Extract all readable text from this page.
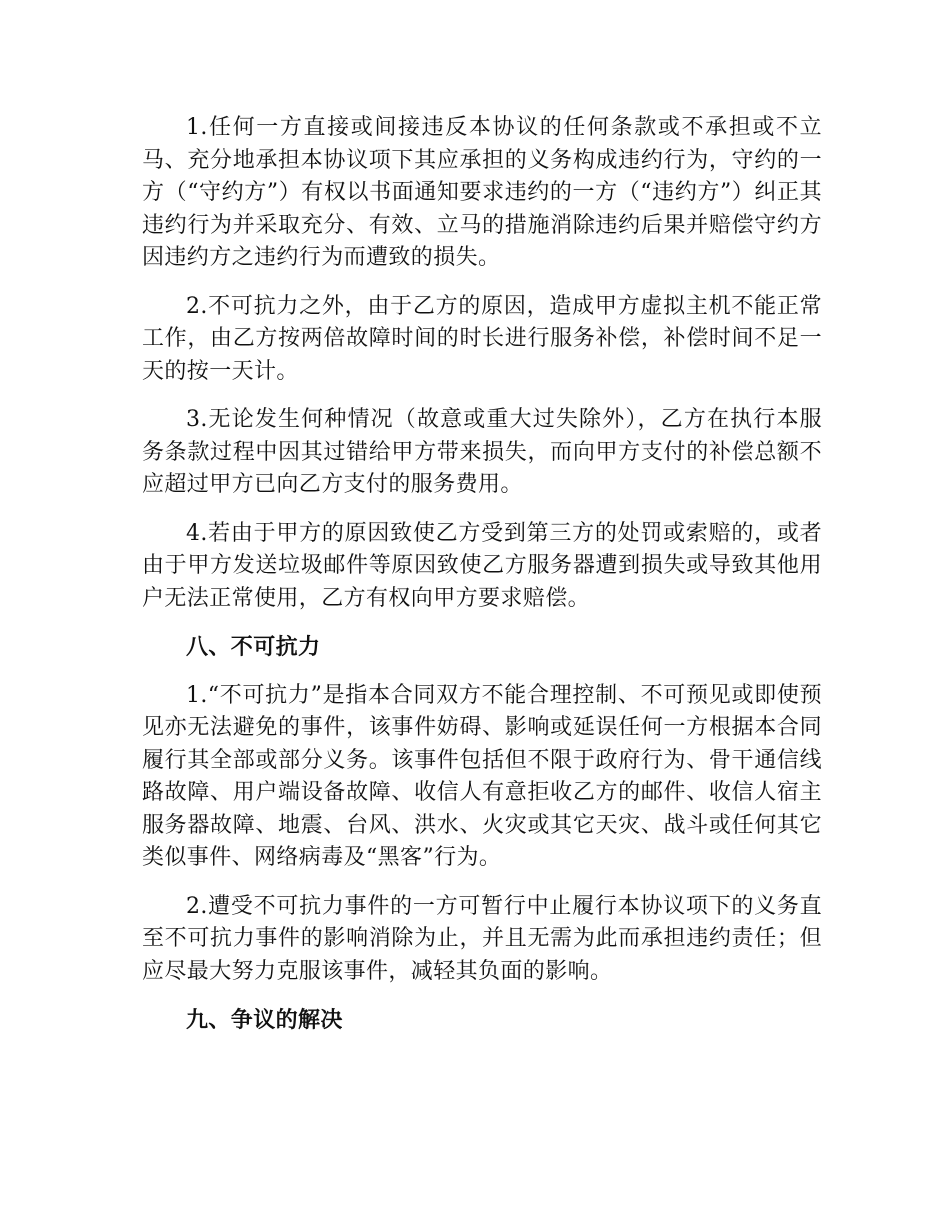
1.任何一方直接或间接违反本协议的任何条款或不承担或不立马、充分地承担本协议项下其应承担的义务构成违约行为，守约的一方（“守约方”）有权以书面通知要求违约的一方（“违约方”）纠正其违约行为并采取充分、有效、立马的措施消除违约后果并赔偿守约方因违约方之违约行为而遭致的损失。

2.不可抗力之外，由于乙方的原因，造成甲方虚拟主机不能正常工作，由乙方按两倍故障时间的时长进行服务补偿，补偿时间不足一天的按一天计。

3.无论发生何种情况（故意或重大过失除外），乙方在执行本服务条款过程中因其过错给甲方带来损失，而向甲方支付的补偿总额不应超过甲方已向乙方支付的服务费用。

4.若由于甲方的原因致使乙方受到第三方的处罚或索赔的，或者由于甲方发送垃圾邮件等原因致使乙方服务器遭到损失或导致其他用户无法正常使用，乙方有权向甲方要求赔偿。

八、不可抗力

1.“不可抗力”是指本合同双方不能合理控制、不可预见或即使预见亦无法避免的事件，该事件妨碍、影响或延误任何一方根据本合同履行其全部或部分义务。该事件包括但不限于政府行为、骨干通信线路故障、用户端设备故障、收信人有意拒收乙方的邮件、收信人宿主服务器故障、地震、台风、洪水、火灾或其它天灾、战斗或任何其它类似事件、网络病毒及“黑客”行为。

2.遭受不可抗力事件的一方可暂行中止履行本协议项下的义务直至不可抗力事件的影响消除为止，并且无需为此而承担违约责任；但应尽最大努力克服该事件，减轻其负面的影响。

九、争议的解决
